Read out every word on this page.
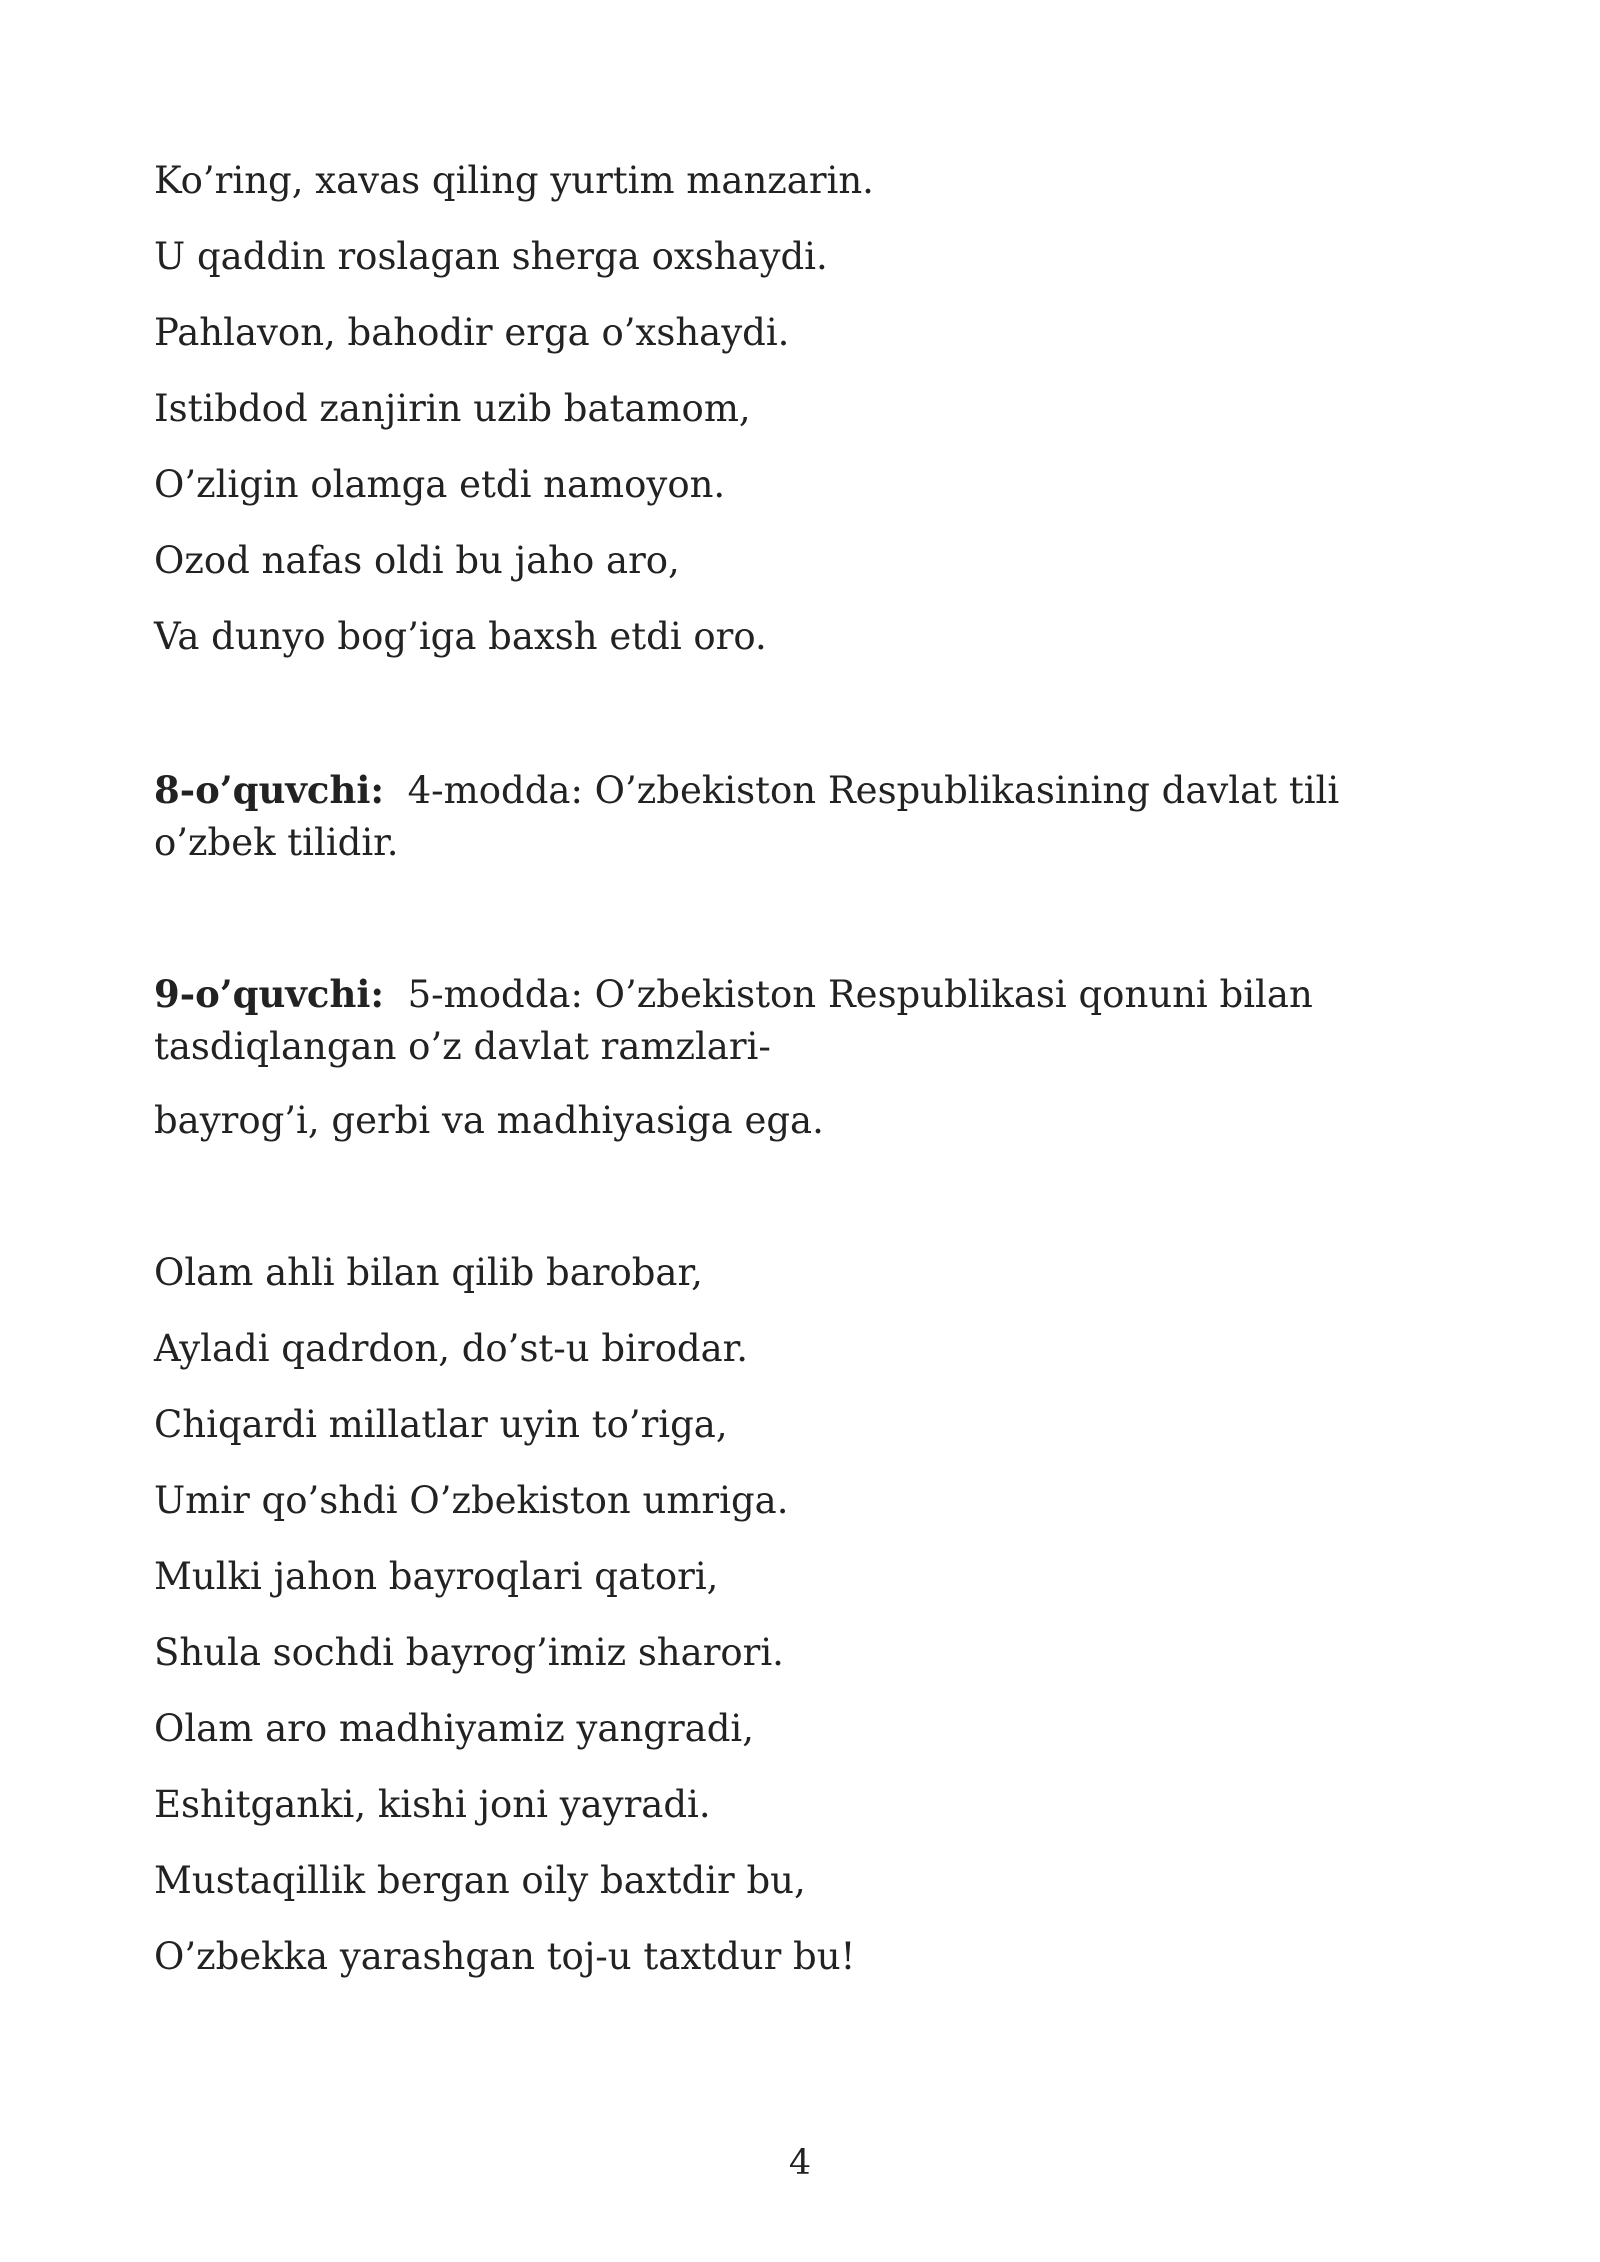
Ko’ring, xavas qiling yurtim manzarin.
U qaddin roslagan sherga oxshaydi.
Pahlavon, bahodir erga o’xshaydi.
Istibdod zanjirin uzib batamom,
O’zligin olamga etdi namoyon.
Ozod nafas oldi bu jaho aro,
Va dunyo bog’iga baxsh etdi oro.
8-o’quvchi: 4-modda: O’zbekiston Respublikasining davlat tili o’zbek tilidir.
9-o’quvchi: 5-modda: O’zbekiston Respublikasi qonuni bilan tasdiqlangan o’z davlat ramzlari-
bayrog’i, gerbi va madhiyasiga ega.
Olam ahli bilan qilib barobar,
Ayladi qadrdon, do’st-u birodar.
Chiqardi millatlar uyin to’riga,
Umir qo’shdi O’zbekiston umriga.
Mulki jahon bayroqlari qatori,
Shula sochdi bayrog’imiz sharori.
Olam aro madhiyamiz yangradi,
Eshitganki, kishi joni yayradi.
Mustaqillik bergan oily baxtdir bu,
O’zbekka yarashgan toj-u taxtdur bu!
4
